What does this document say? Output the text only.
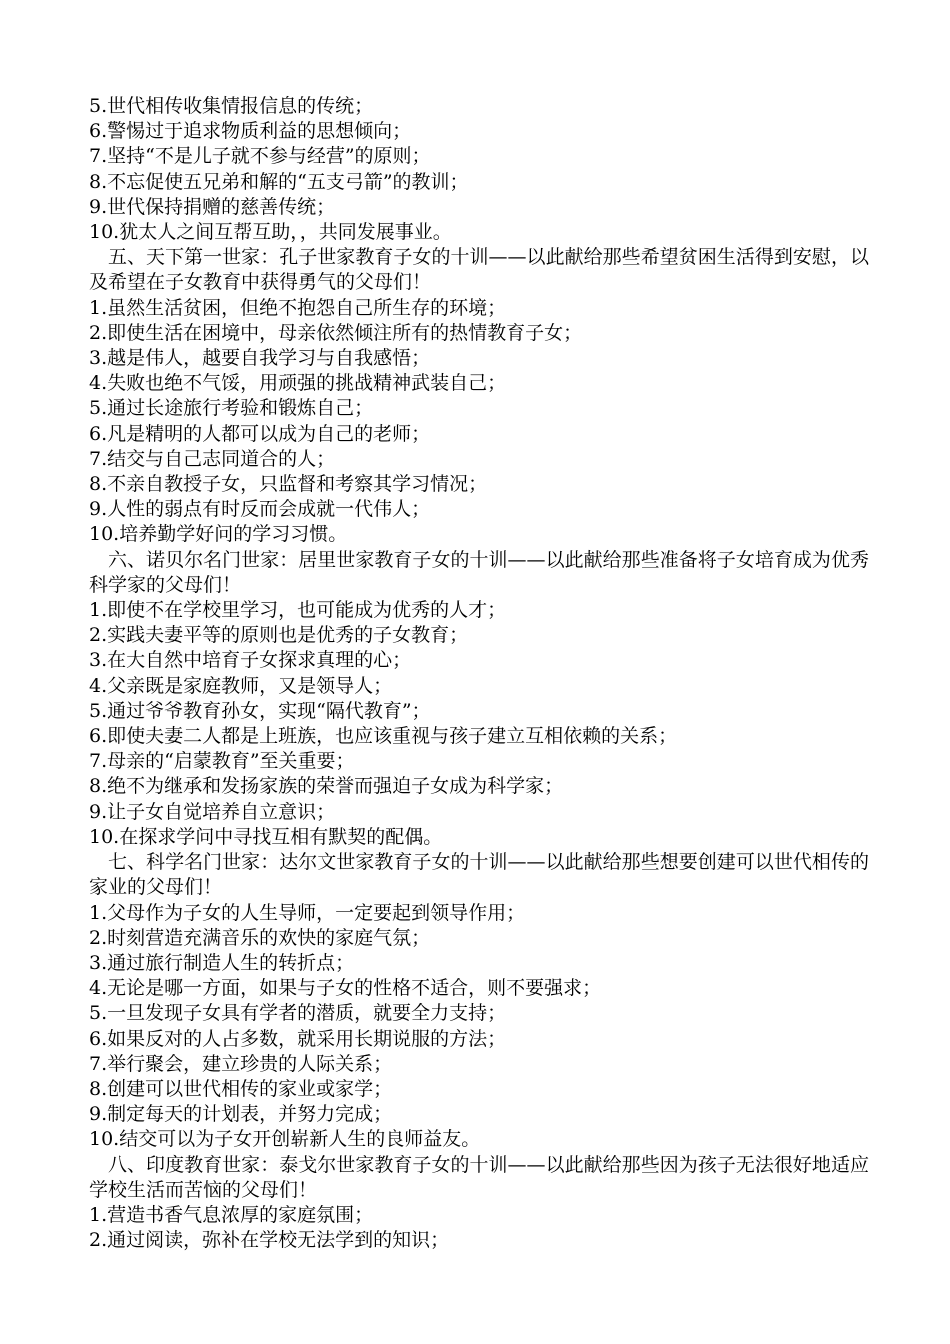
5.世代相传收集情报信息的传统；
6.警惕过于追求物质利益的思想倾向；
7.坚持“不是儿子就不参与经营”的原则；
8.不忘促使五兄弟和解的“五支弓箭”的教训；
9.世代保持捐赠的慈善传统；
10.犹太人之间互帮互助，，共同发展事业。

五、天下第一世家：孔子世家教育子女的十训——以此献给那些希望贫困生活得到安慰，以及希望在子女教育中获得勇气的父母们！

1.虽然生活贫困，但绝不抱怨自己所生存的环境；
2.即使生活在困境中，母亲依然倾注所有的热情教育子女；
3.越是伟人，越要自我学习与自我感悟；
4.失败也绝不气馁，用顽强的挑战精神武装自己；
5.通过长途旅行考验和锻炼自己；
6.凡是精明的人都可以成为自己的老师；
7.结交与自己志同道合的人；
8.不亲自教授子女，只监督和考察其学习情况；
9.人性的弱点有时反而会成就一代伟人；
10.培养勤学好问的学习习惯。

六、诺贝尔名门世家：居里世家教育子女的十训——以此献给那些准备将子女培育成为优秀科学家的父母们！

1.即使不在学校里学习，也可能成为优秀的人才；
2.实践夫妻平等的原则也是优秀的子女教育；
3.在大自然中培育子女探求真理的心；
4.父亲既是家庭教师，又是领导人；
5.通过爷爷教育孙女，实现“隔代教育”；
6.即使夫妻二人都是上班族，也应该重视与孩子建立互相依赖的关系；
7.母亲的“启蒙教育”至关重要；
8.绝不为继承和发扬家族的荣誉而强迫子女成为科学家；
9.让子女自觉培养自立意识；
10.在探求学问中寻找互相有默契的配偶。

七、科学名门世家：达尔文世家教育子女的十训——以此献给那些想要创建可以世代相传的家业的父母们！

1.父母作为子女的人生导师，一定要起到领导作用；
2.时刻营造充满音乐的欢快的家庭气氛；
3.通过旅行制造人生的转折点；
4.无论是哪一方面，如果与子女的性格不适合，则不要强求；
5.一旦发现子女具有学者的潜质，就要全力支持；
6.如果反对的人占多数，就采用长期说服的方法；
7.举行聚会，建立珍贵的人际关系；
8.创建可以世代相传的家业或家学；
9.制定每天的计划表，并努力完成；
10.结交可以为子女开创崭新人生的良师益友。

八、印度教育世家：泰戈尔世家教育子女的十训——以此献给那些因为孩子无法很好地适应学校生活而苦恼的父母们！

1.营造书香气息浓厚的家庭氛围；
2.通过阅读，弥补在学校无法学到的知识；
